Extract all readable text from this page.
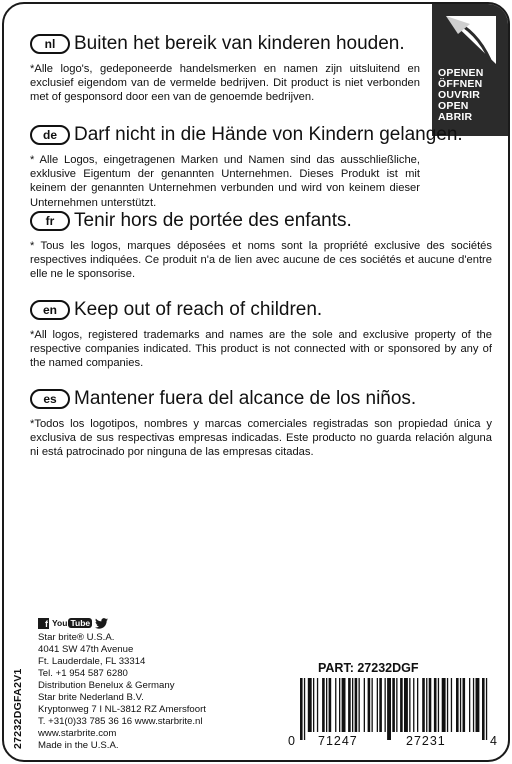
OPENEN
ÖFFNEN
OUVRIR
OPEN
ABRIR
nl Buiten het bereik van kinderen houden.

*Alle logo's, gedeponeerde handelsmerken en namen zijn uitsluitend en exclusief eigendom van de vermelde bedrijven. Dit product is niet verbonden met of gesponsord door een van de genoemde bedrijven.

de Darf nicht in die Hände von Kindern gelangen.

* Alle Logos, eingetragenen Marken und Namen sind das ausschließliche, exklusive Eigentum der genannten Unternehmen. Dieses Produkt ist mit keinem der genannten Unternehmen verbunden und wird von keinem dieser Unternehmen unterstützt.

fr	Tenir hors de portée des enfants.

* Tous les logos, marques déposées et noms sont la propriété exclusive des sociétés respectives indiquées. Ce produit n'a de lien avec aucune de ces sociétés et aucune d'entre elle ne le sponsorise.

en Keep out of reach of children.

*All logos, registered trademarks and names are the sole and exclusive property of the respective companies indicated. This product is not connected with or sponsored by any of the named companies.

es Mantener fuera del alcance de los niños.

*Todos los logotipos, nombres y marcas comerciales registradas son propiedad única y exclusiva de sus respectivas empresas indicadas. Este producto no guarda relación alguna ni está patrocinado por ninguna de las empresas citadas.

f You Tube
Star brite® U.S.A.
4041 SW 47th Avenue
Ft. Lauderdale, FL 33314
Tel. +1 954 587 6280
Distribution Benelux & Germany
Star brite Nederland B.V.
Kryptonweg 7 I NL-3812 RZ Amersfoort
T. +31(0)33 785 36 16 www.starbrite.nl
www.starbrite.com
Made in the U.S.A.
27232DGFA2V1
PART: 27232DGF
0 71247	27231	4
